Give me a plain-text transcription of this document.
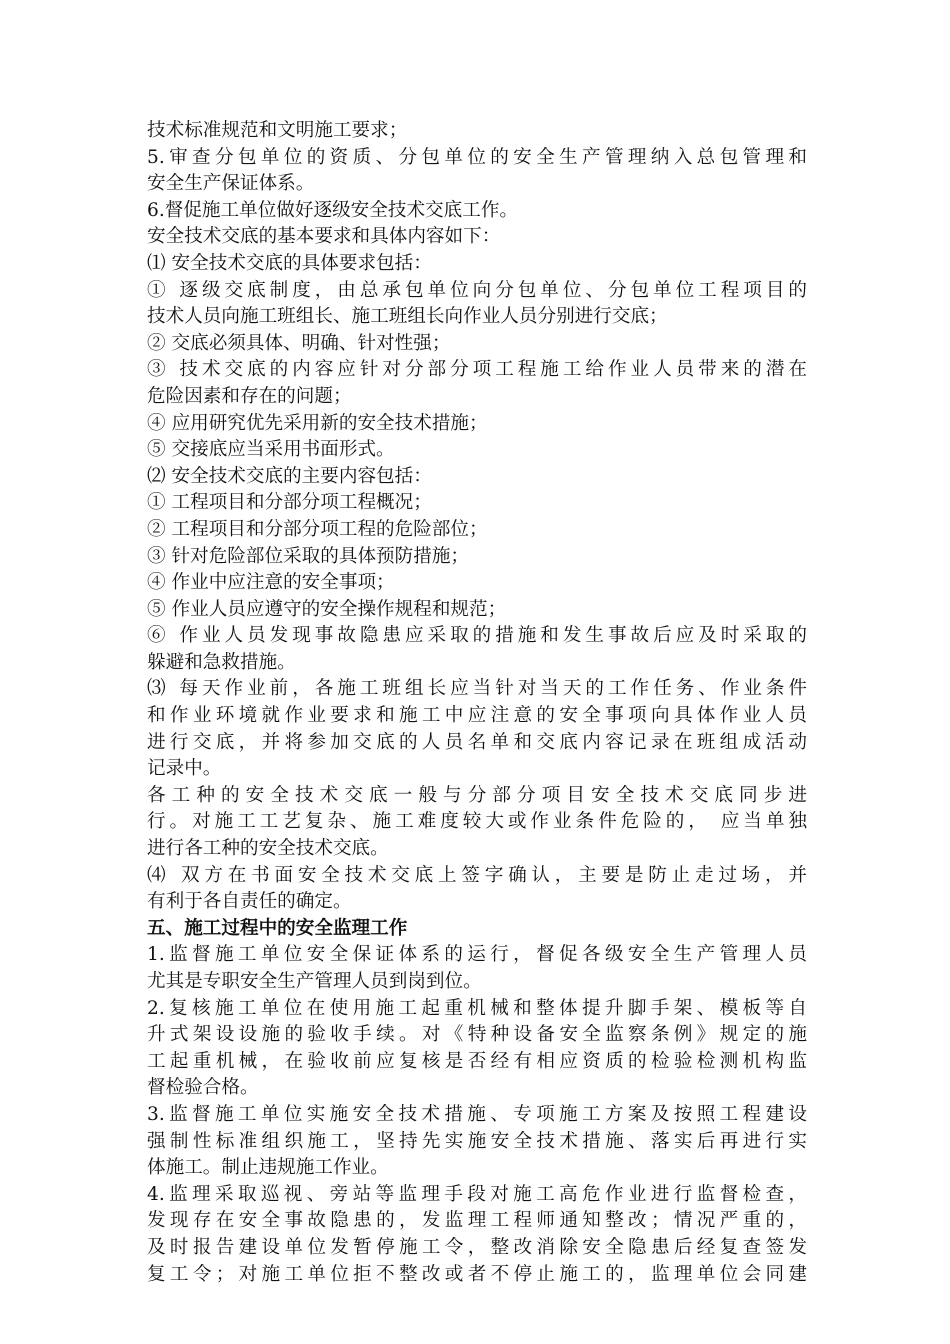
技术标准规范和文明施工要求；
5.审查分包单位的资质、分包单位的安全生产管理纳入总包管理和
安全生产保证体系。
6.督促施工单位做好逐级安全技术交底工作。
安全技术交底的基本要求和具体内容如下：
⑴ 安全技术交底的具体要求包括：
① 逐级交底制度，由总承包单位向分包单位、分包单位工程项目的
技术人员向施工班组长、施工班组长向作业人员分别进行交底；
② 交底必须具体、明确、针对性强；
③ 技术交底的内容应针对分部分项工程施工给作业人员带来的潜在
危险因素和存在的问题；
④ 应用研究优先采用新的安全技术措施；
⑤ 交接底应当采用书面形式。
⑵ 安全技术交底的主要内容包括：
① 工程项目和分部分项工程概况；
② 工程项目和分部分项工程的危险部位；
③ 针对危险部位采取的具体预防措施；
④ 作业中应注意的安全事项；
⑤ 作业人员应遵守的安全操作规程和规范；
⑥ 作业人员发现事故隐患应采取的措施和发生事故后应及时采取的
躲避和急救措施。
⑶ 每天作业前，各施工班组长应当针对当天的工作任务、作业条件
和作业环境就作业要求和施工中应注意的安全事项向具体作业人员
进行交底，并将参加交底的人员名单和交底内容记录在班组成活动
记录中。
各工种的安全技术交底一般与分部分项目安全技术交底同步进
行。对施工工艺复杂、施工难度较大或作业条件危险的， 应当单独
进行各工种的安全技术交底。
⑷ 双方在书面安全技术交底上签字确认，主要是防止走过场，并
有利于各自责任的确定。
五、施工过程中的安全监理工作
1.监督施工单位安全保证体系的运行，督促各级安全生产管理人员
尤其是专职安全生产管理人员到岗到位。
2.复核施工单位在使用施工起重机械和整体提升脚手架、模板等自
升式架设设施的验收手续。对《特种设备安全监察条例》规定的施
工起重机械，在验收前应复核是否经有相应资质的检验检测机构监
督检验合格。
3.监督施工单位实施安全技术措施、专项施工方案及按照工程建设
强制性标准组织施工，坚持先实施安全技术措施、落实后再进行实
体施工。制止违规施工作业。
4.监理采取巡视、旁站等监理手段对施工高危作业进行监督检查，
发现存在安全事故隐患的，发监理工程师通知整改；情况严重的，
及时报告建设单位发暂停施工令，整改消除安全隐患后经复查签发
复工令；对施工单位拒不整改或者不停止施工的，监理单位会同建
